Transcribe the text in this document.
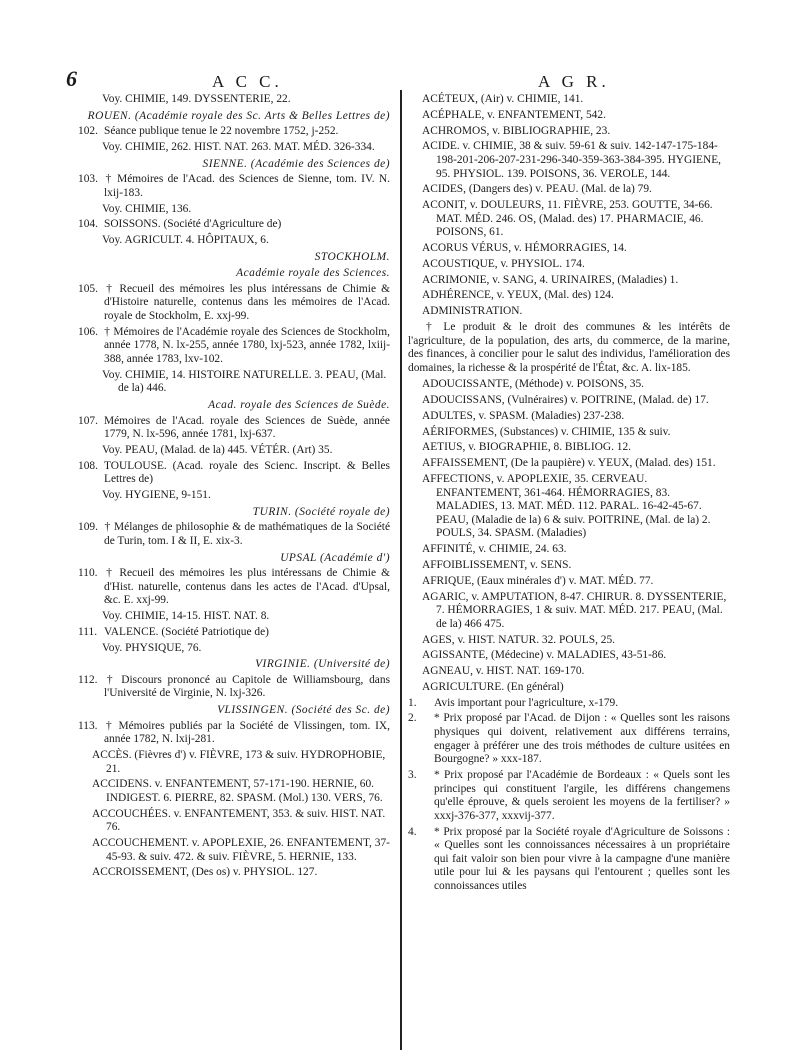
6	A C C.	A G R.
Voy. CHIMIE, 149. DYSSENTERIE, 22.
ROUEN. (Académie royale des Sc. Arts & Belles Lettres de)
102. Séance publique tenue le 22 novembre 1752, j-252.
Voy. CHIMIE, 262. HIST. NAT. 263. MAT. MÉD. 326-334.
SIENNE. (Académie des Sciences de)
103. † Mémoires de l'Acad. des Sciences de Sienne, tom. IV. N. lxij-183.
Voy. CHIMIE, 136.
104. SOISSONS. (Société d'Agriculture de)
Voy. AGRICULT. 4. HÔPITAUX, 6.
STOCKHOLM.
Académie royale des Sciences.
105. † Recueil des mémoires les plus intéressans de Chimie & d'Histoire naturelle, contenus dans les mémoires de l'Acad. royale de Stockholm, E. xxj-99.
106. † Mémoires de l'Académie royale des Sciences de Stockholm, année 1778, N. lx-255, année 1780, lxj-523, année 1782, lxiij-388, année 1783, lxv-102.
Voy. CHIMIE, 14. HISTOIRE NATURELLE. 3. PEAU, (Mal. de la) 446.
Acad. royale des Sciences de Suède.
107. Mémoires de l'Acad. royale des Sciences de Suède, année 1779, N. lx-596, année 1781, lxj-637.
Voy. PEAU, (Malad. de la) 445. VÉTÉR. (Art) 35.
108. TOULOUSE. (Acad. royale des Scienc. Inscript. & Belles Lettres de)
Voy. HYGIENE, 9-151.
TURIN. (Société royale de)
109. † Mélanges de philosophie & de mathématiques de la Société de Turin, tom. I & II, E. xix-3.
UPSAL (Académie d')
110. † Recueil des mémoires les plus intéressans de Chimie & d'Hist. naturelle, contenus dans les actes de l'Acad. d'Upsal, &c. E. xxj-99.
Voy. CHIMIE, 14-15. HIST. NAT. 8.
111. VALENCE. (Société Patriotique de)
Voy. PHYSIQUE, 76.
VIRGINIE. (Université de)
112. † Discours prononcé au Capitole de Williamsbourg, dans l'Université de Virginie, N. lxj-326.
VLISSINGEN. (Société des Sc. de)
113. † Mémoires publiés par la Société de Vlissingen, tom. IX, année 1782, N. lxij-281.
ACCÈS. (Fièvres d') v. FIÈVRE, 173 & suiv. HYDROPHOBIE, 21.
ACCIDENS. v. ENFANTEMENT, 57-171-190. HERNIE, 60. INDIGEST. 6. PIERRE, 82. SPASM. (Mol.) 130. VERS, 76.
ACCOUCHÉES. v. ENFANTEMENT, 353. & suiv. HIST. NAT. 76.
ACCOUCHEMENT. v. APOPLEXIE, 26. ENFANTEMENT, 37-45-93. & suiv. 472. & suiv. FIÈVRE, 5. HERNIE, 133.
ACCROISSEMENT, (Des os) v. PHYSIOL. 127.
ACÉTEUX, (Air) v. CHIMIE, 141.
ACÉPHALE, v. ENFANTEMENT, 542.
ACHROMOS, v. BIBLIOGRAPHIE, 23.
ACIDE. v. CHIMIE, 38 & suiv. 59-61 & suiv. 142-147-175-184-198-201-206-207-231-296-340-359-363-384-395. HYGIENE, 95. PHYSIOL. 139. POISONS, 36. VEROLE, 144.
ACIDES, (Dangers des) v. PEAU. (Mal. de la) 79.
ACONIT, v. DOULEURS, 11. FIÈVRE, 253. GOUTTE, 34-66. MAT. MÉD. 246. OS, (Malad. des) 17. PHARMACIE, 46. POISONS, 61.
ACORUS VÉRUS, v. HÉMORRAGIES, 14.
ACOUSTIQUE, v. PHYSIOL. 174.
ACRIMONIE, v. SANG, 4. URINAIRES, (Maladies) 1.
ADHÉRENCE, v. YEUX, (Mal. des) 124.
ADMINISTRATION.
† Le produit & le droit des communes & les intérêts de l'agriculture, de la population, des arts, du commerce, de la marine, des finances, à concilier pour le salut des individus, l'amélioration des domaines, la richesse & la prospérité de l'État, &c. A. lix-185.
ADOUCISSANTE, (Méthode) v. POISONS, 35.
ADOUCISSANS, (Vulnéraires) v. POITRINE, (Malad. de) 17.
ADULTES, v. SPASM. (Maladies) 237-238.
AÉRIFORMES, (Substances) v. CHIMIE, 135 & suiv.
AETIUS, v. BIOGRAPHIE, 8. BIBLIOG. 12.
AFFAISSEMENT, (De la paupière) v. YEUX, (Malad. des) 151.
AFFECTIONS, v. APOPLEXIE, 35. CERVEAU. ENFANTEMENT, 361-464. HÉMORRAGIES, 83. MALADIES, 13. MAT. MÉD. 112. PARAL. 16-42-45-67. PEAU, (Maladie de la) 6 & suiv. POITRINE, (Mal. de la) 2. POULS, 34. SPASM. (Maladies)
AFFINITÉ, v. CHIMIE, 24. 63.
AFFOIBLISSEMENT, v. SENS.
AFRIQUE, (Eaux minérales d') v. MAT. MÉD. 77.
AGARIC, v. AMPUTATION, 8-47. CHIRUR. 8. DYSSENTERIE, 7. HÉMORRAGIES, 1 & suiv. MAT. MÉD. 217. PEAU, (Mal. de la) 466 475.
AGES, v. HIST. NATUR. 32. POULS, 25.
AGISSANTE, (Médecine) v. MALADIES, 43-51-86.
AGNEAU, v. HIST. NAT. 169-170.
AGRICULTURE. (En général)
1. Avis important pour l'agriculture, x-179.
2. * Prix proposé par l'Acad. de Dijon : « Quelles sont les raisons physiques qui doivent, relativement aux différens terrains, engager à préférer une des trois méthodes de culture usitées en Bourgogne? » xxx-187.
3. * Prix proposé par l'Académie de Bordeaux : « Quels sont les principes qui constituent l'argile, les différens changemens qu'elle éprouve, & quels seroient les moyens de la fertiliser? » xxxj-376-377, xxxvij-377.
4. * Prix proposé par la Société royale d'Agriculture de Soissons : « Quelles sont les connoissances nécessaires à un propriétaire qui fait valoir son bien pour vivre à la campagne d'une manière utile pour lui & les paysans qui l'entourent ; quelles sont les connoissances utiles
